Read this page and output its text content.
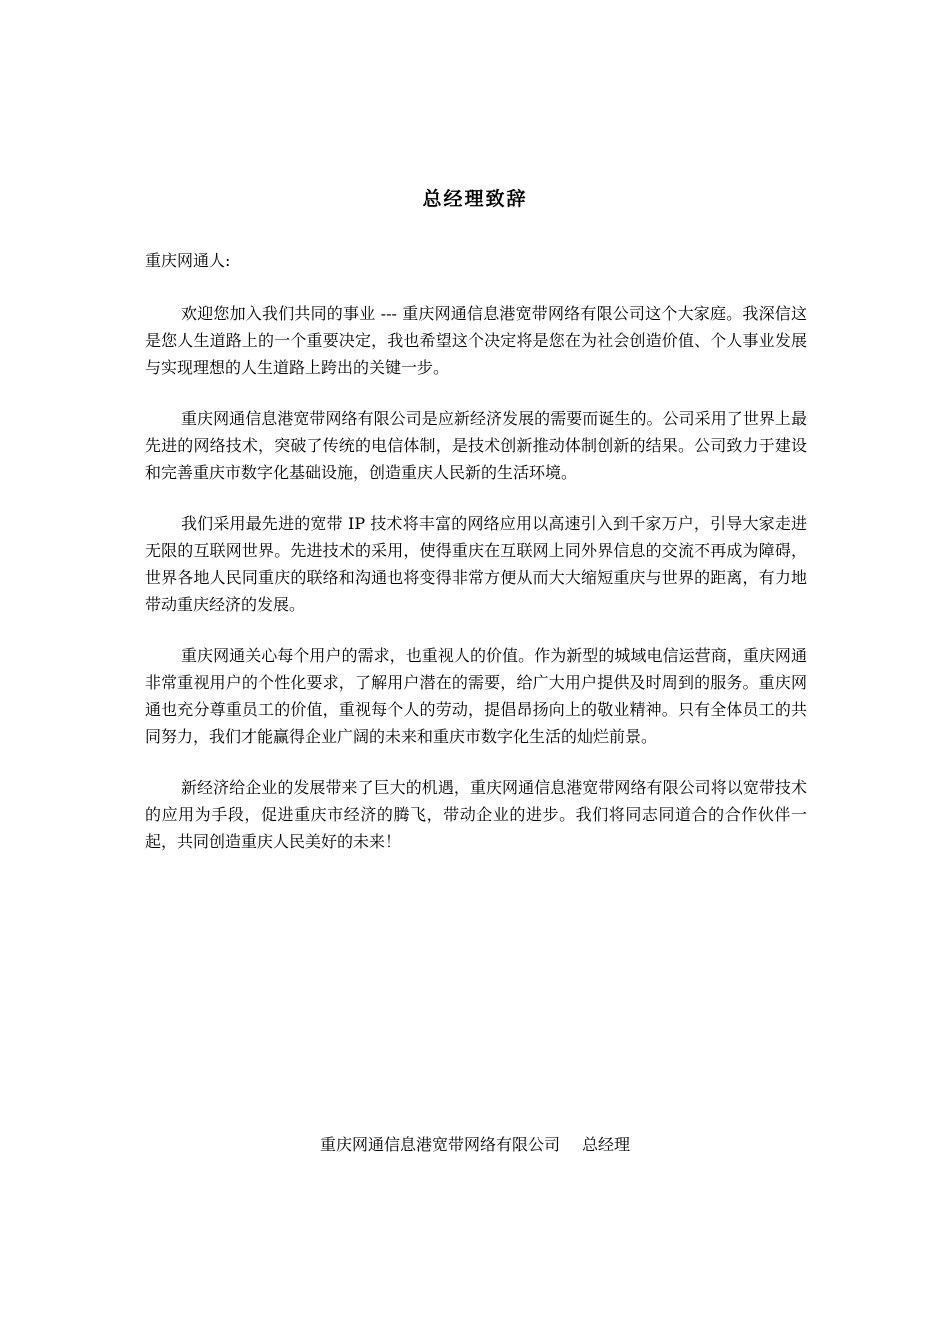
总经理致辞
重庆网通人:

欢迎您加入我们共同的事业 --- 重庆网通信息港宽带网络有限公司这个大家庭。我深信这是您人生道路上的一个重要决定，我也希望这个决定将是您在为社会创造价值、个人事业发展与实现理想的人生道路上跨出的关键一步。

重庆网通信息港宽带网络有限公司是应新经济发展的需要而诞生的。公司采用了世界上最先进的网络技术，突破了传统的电信体制，是技术创新推动体制创新的结果。公司致力于建设和完善重庆市数字化基础设施，创造重庆人民新的生活环境。

我们采用最先进的宽带 IP 技术将丰富的网络应用以高速引入到千家万户，引导大家走进无限的互联网世界。先进技术的采用，使得重庆在互联网上同外界信息的交流不再成为障碍，世界各地人民同重庆的联络和沟通也将变得非常方便从而大大缩短重庆与世界的距离，有力地带动重庆经济的发展。

重庆网通关心每个用户的需求，也重视人的价值。作为新型的城域电信运营商，重庆网通非常重视用户的个性化要求，了解用户潜在的需要，给广大用户提供及时周到的服务。重庆网通也充分尊重员工的价值，重视每个人的劳动，提倡昂扬向上的敬业精神。只有全体员工的共同努力，我们才能赢得企业广阔的未来和重庆市数字化生活的灿烂前景。

新经济给企业的发展带来了巨大的机遇，重庆网通信息港宽带网络有限公司将以宽带技术的应用为手段，促进重庆市经济的腾飞，带动企业的进步。我们将同志同道合的合作伙伴一起，共同创造重庆人民美好的未来！

重庆网通信息港宽带网络有限公司 总经理
